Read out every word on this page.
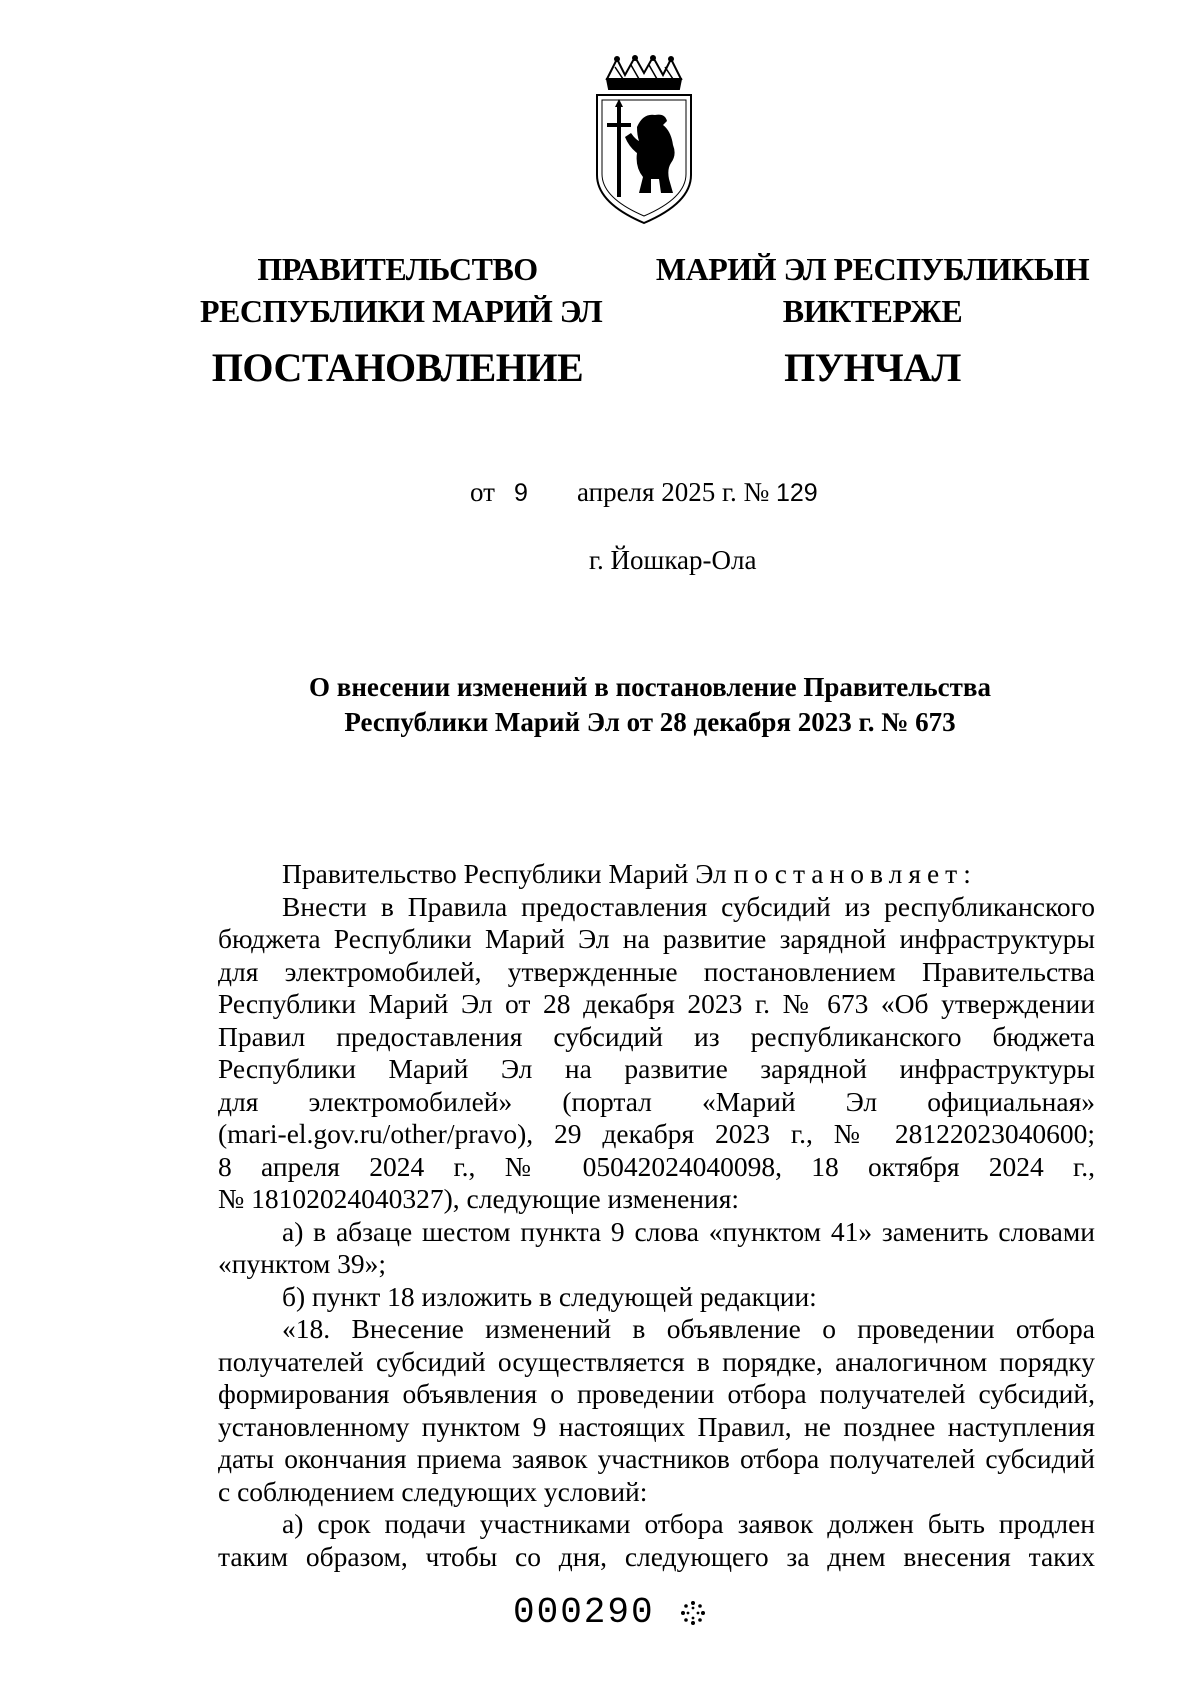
ПРАВИТЕЛЬСТВО
РЕСПУБЛИКИ МАРИЙ ЭЛ
ПОСТАНОВЛЕНИЕ
МАРИЙ ЭЛ РЕСПУБЛИКЫН
ВИКТЕРЖЕ
ПУНЧАЛ
от 9 апреля 2025 г. № 129
г. Йошкар-Ола
О внесении изменений в постановление Правительства
Республики Марий Эл от 28 декабря 2023 г. № 673
Правительство Республики Марий Эл постановляет:
Внести в Правила предоставления субсидий из республиканского
бюджета Республики Марий Эл на развитие зарядной инфраструктуры
для электромобилей, утвержденные постановлением Правительства
Республики Марий Эл от 28 декабря 2023 г. № 673 «Об утверждении
Правил предоставления субсидий из республиканского бюджета
Республики Марий Эл на развитие зарядной инфраструктуры
для электромобилей» (портал «Марий Эл официальная»
(mari-el.gov.ru/other/pravo), 29 декабря 2023 г., № 28122023040600;
8 апреля 2024 г., № 05042024040098, 18 октября 2024 г.,
№ 18102024040327), следующие изменения:
а) в абзаце шестом пункта 9 слова «пунктом 41» заменить словами
«пунктом 39»;
б) пункт 18 изложить в следующей редакции:
«18. Внесение изменений в объявление о проведении отбора
получателей субсидий осуществляется в порядке, аналогичном порядку
формирования объявления о проведении отбора получателей субсидий,
установленному пунктом 9 настоящих Правил, не позднее наступления
даты окончания приема заявок участников отбора получателей субсидий
с соблюдением следующих условий:
а) срок подачи участниками отбора заявок должен быть продлен
таким образом, чтобы со дня, следующего за днем внесения таких
000290
